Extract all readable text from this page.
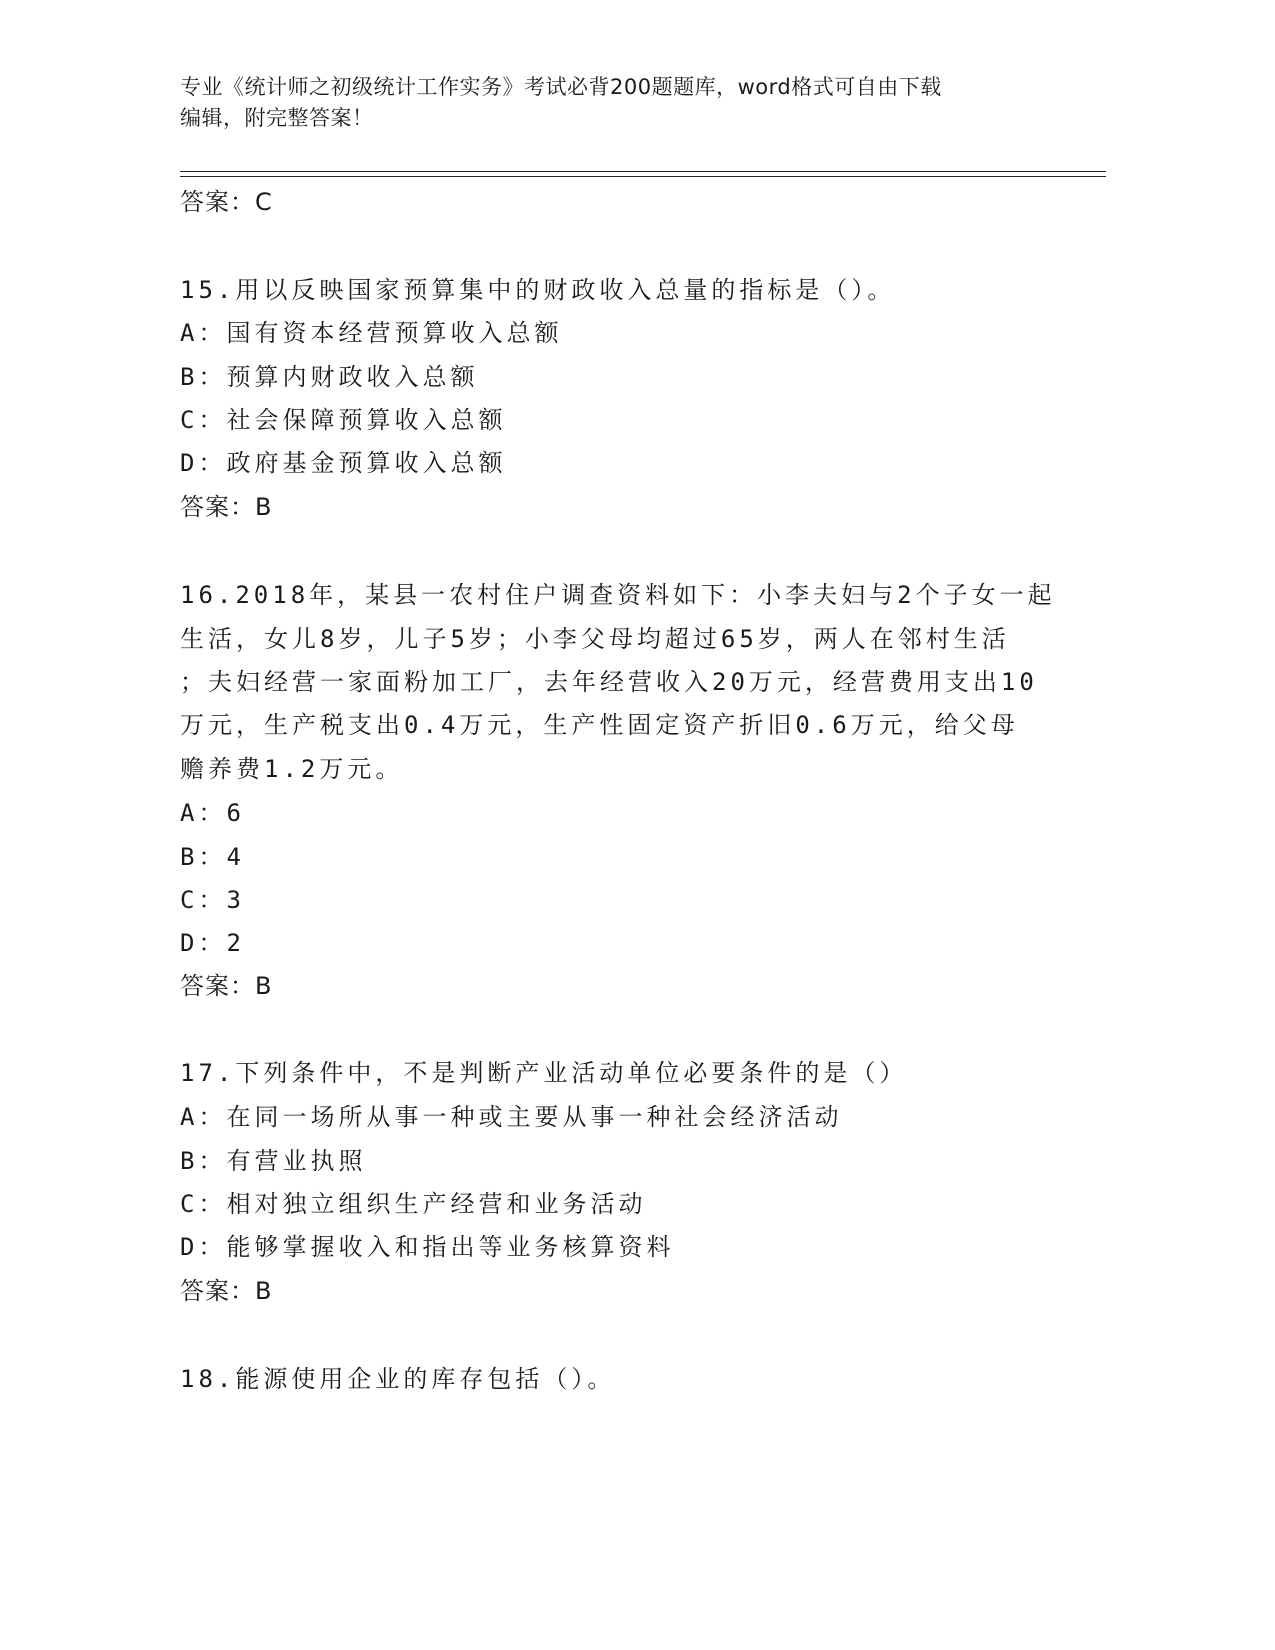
专业《统计师之初级统计工作实务》考试必背200题题库，word格式可自由下载
编辑，附完整答案！
答案：C
15.用以反映国家预算集中的财政收入总量的指标是（）。
A：国有资本经营预算收入总额
B：预算内财政收入总额
C：社会保障预算收入总额
D：政府基金预算收入总额
答案：B
16.2018年，某县一农村住户调查资料如下：小李夫妇与2个子女一起
生活，女儿8岁，儿子5岁；小李父母均超过65岁，两人在邻村生活
；夫妇经营一家面粉加工厂，去年经营收入20万元，经营费用支出10
万元，生产税支出0.4万元，生产性固定资产折旧0.6万元，给父母
赡养费1.2万元。
A：6
B：4
C：3
D：2
答案：B
17.下列条件中，不是判断产业活动单位必要条件的是（）
A：在同一场所从事一种或主要从事一种社会经济活动
B：有营业执照
C：相对独立组织生产经营和业务活动
D：能够掌握收入和指出等业务核算资料
答案：B
18.能源使用企业的库存包括（）。
